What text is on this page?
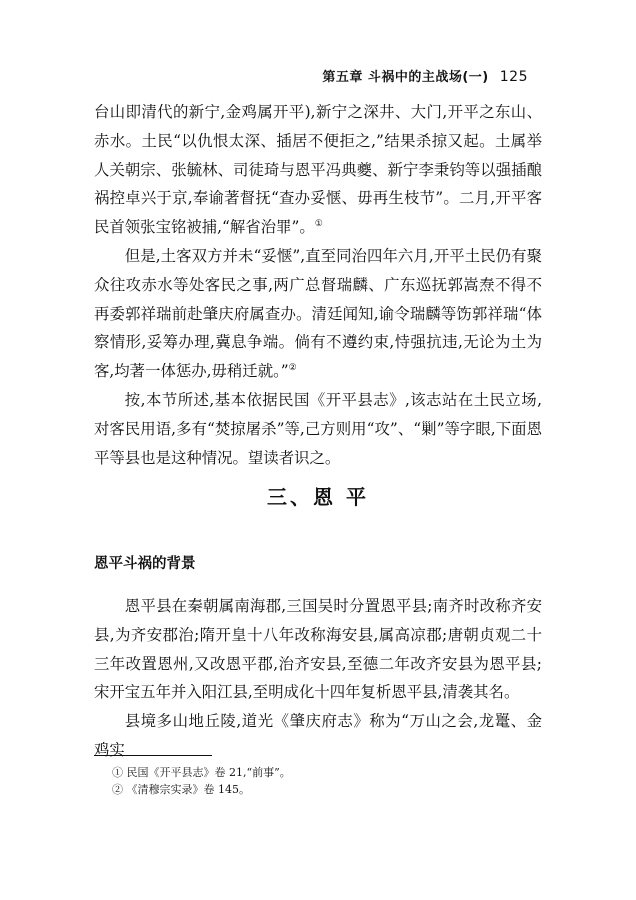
第五章 斗祸中的主战场(一) 125

台山即清代的新宁,金鸡属开平),新宁之深井、大门,开平之东山、赤水。土民“以仇恨太深、插居不便拒之,”结果杀掠又起。土属举人关朝宗、张毓林、司徒琦与恩平冯典夔、新宁李秉钧等以强插酿祸控卓兴于京,奉谕著督抚“查办妥惬、毋再生枝节”。二月,开平客民首领张宝铭被捕,“解省治罪”。①

但是,土客双方并未“妥惬”,直至同治四年六月,开平土民仍有聚众往攻赤水等处客民之事,两广总督瑞麟、广东巡抚郭嵩焘不得不再委郭祥瑞前赴肇庆府属查办。清廷闻知,谕令瑞麟等饬郭祥瑞“体察情形,妥筹办理,冀息争端。倘有不遵约束,恃强抗违,无论为土为客,均著一体惩办,毋稍迁就。”②

按,本节所述,基本依据民国《开平县志》,该志站在土民立场,对客民用语,多有“焚掠屠杀”等,己方则用“攻”、“剿”等字眼,下面恩平等县也是这种情况。望读者识之。

三、恩 平
恩平斗祸的背景

恩平县在秦朝属南海郡,三国吴时分置恩平县;南齐时改称齐安县,为齐安郡治;隋开皇十八年改称海安县,属高凉郡;唐朝贞观二十三年改置恩州,又改恩平郡,治齐安县,至德二年改齐安县为恩平县;宋开宝五年并入阳江县,至明成化十四年复析恩平县,清袭其名。

县境多山地丘陵,道光《肇庆府志》称为“万山之会,龙鼍、金鸡实

① 民国《开平县志》卷 21,“前事”。

② 《清穆宗实录》卷 145。
